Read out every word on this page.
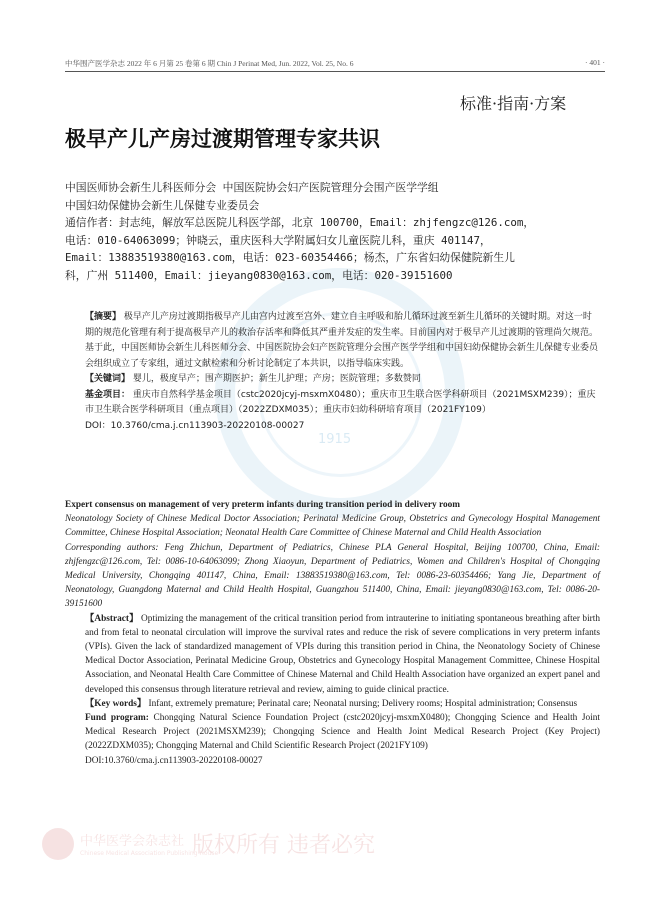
1915
中华围产医学杂志 2022 年 6 月第 25 卷第 6 期 Chin J Perinat Med, Jun. 2022, Vol. 25, No. 6	· 401 ·
标准·指南·方案
极早产儿产房过渡期管理专家共识
中国医师协会新生儿科医师分会 中国医院协会妇产医院管理分会围产医学学组
中国妇幼保健协会新生儿保健专业委员会
通信作者：封志纯，解放军总医院儿科医学部，北京 100700，Email：zhjfengzc@126.com，
电话：010-64063099；钟晓云，重庆医科大学附属妇女儿童医院儿科，重庆 401147，
Email：13883519380@163.com，电话：023-60354466；杨杰，广东省妇幼保健院新生儿
科，广州 511400，Email：jieyang0830@163.com，电话：020-39151600

【摘要】 极早产儿产房过渡期指极早产儿由宫内过渡至宫外、建立自主呼吸和胎儿循环过渡至新生儿循环的关键时期。对这一时期的规范化管理有利于提高极早产儿的救治存活率和降低其严重并发症的发生率。目前国内对于极早产儿过渡期的管理尚欠规范。基于此，中国医师协会新生儿科医师分会、中国医院协会妇产医院管理分会围产医学学组和中国妇幼保健协会新生儿保健专业委员会组织成立了专家组，通过文献检索和分析讨论制定了本共识，以指导临床实践。

【关键词】 婴儿，极度早产；围产期医护；新生儿护理；产房；医院管理；多数赞同

基金项目： 重庆市自然科学基金项目（cstc2020jcyj-msxmX0480）；重庆市卫生联合医学科研项目（2021MSXM239）；重庆市卫生联合医学科研项目（重点项目）（2022ZDXM035）；重庆市妇幼科研培育项目（2021FY109）

DOI：10.3760/cma.j.cn113903-20220108-00027

Expert consensus on management of very preterm infants during transition period in delivery room

Neonatology Society of Chinese Medical Doctor Association; Perinatal Medicine Group, Obstetrics and Gynecology Hospital Management Committee, Chinese Hospital Association; Neonatal Health Care Committee of Chinese Maternal and Child Health Association

Corresponding authors: Feng Zhichun, Department of Pediatrics, Chinese PLA General Hospital, Beijing 100700, China, Email: zhjfengzc@126.com, Tel: 0086-10-64063099; Zhong Xiaoyun, Department of Pediatrics, Women and Children's Hospital of Chongqing Medical University, Chongqing 401147, China, Email: 13883519380@163.com, Tel: 0086-23-60354466; Yang Jie, Department of Neonatology, Guangdong Maternal and Child Health Hospital, Guangzhou 511400, China, Email: jieyang0830@163.com, Tel: 0086-20-39151600

【Abstract】 Optimizing the management of the critical transition period from intrauterine to initiating spontaneous breathing after birth and from fetal to neonatal circulation will improve the survival rates and reduce the risk of severe complications in very preterm infants (VPIs). Given the lack of standardized management of VPIs during this transition period in China, the Neonatology Society of Chinese Medical Doctor Association, Perinatal Medicine Group, Obstetrics and Gynecology Hospital Management Committee, Chinese Hospital Association, and Neonatal Health Care Committee of Chinese Maternal and Child Health Association have organized an expert panel and developed this consensus through literature retrieval and review, aiming to guide clinical practice.

【Key words】 Infant, extremely premature; Perinatal care; Neonatal nursing; Delivery rooms; Hospital administration; Consensus

Fund program: Chongqing Natural Science Foundation Project (cstc2020jcyj-msxmX0480); Chongqing Science and Health Joint Medical Research Project (2021MSXM239); Chongqing Science and Health Joint Medical Research Project (Key Project) (2022ZDXM035); Chongqing Maternal and Child Scientific Research Project (2021FY109)

DOI:10.3760/cma.j.cn113903-20220108-00027

中华医学会杂志社
Chinese Medical Association Publishing House
版权所有 违者必究
